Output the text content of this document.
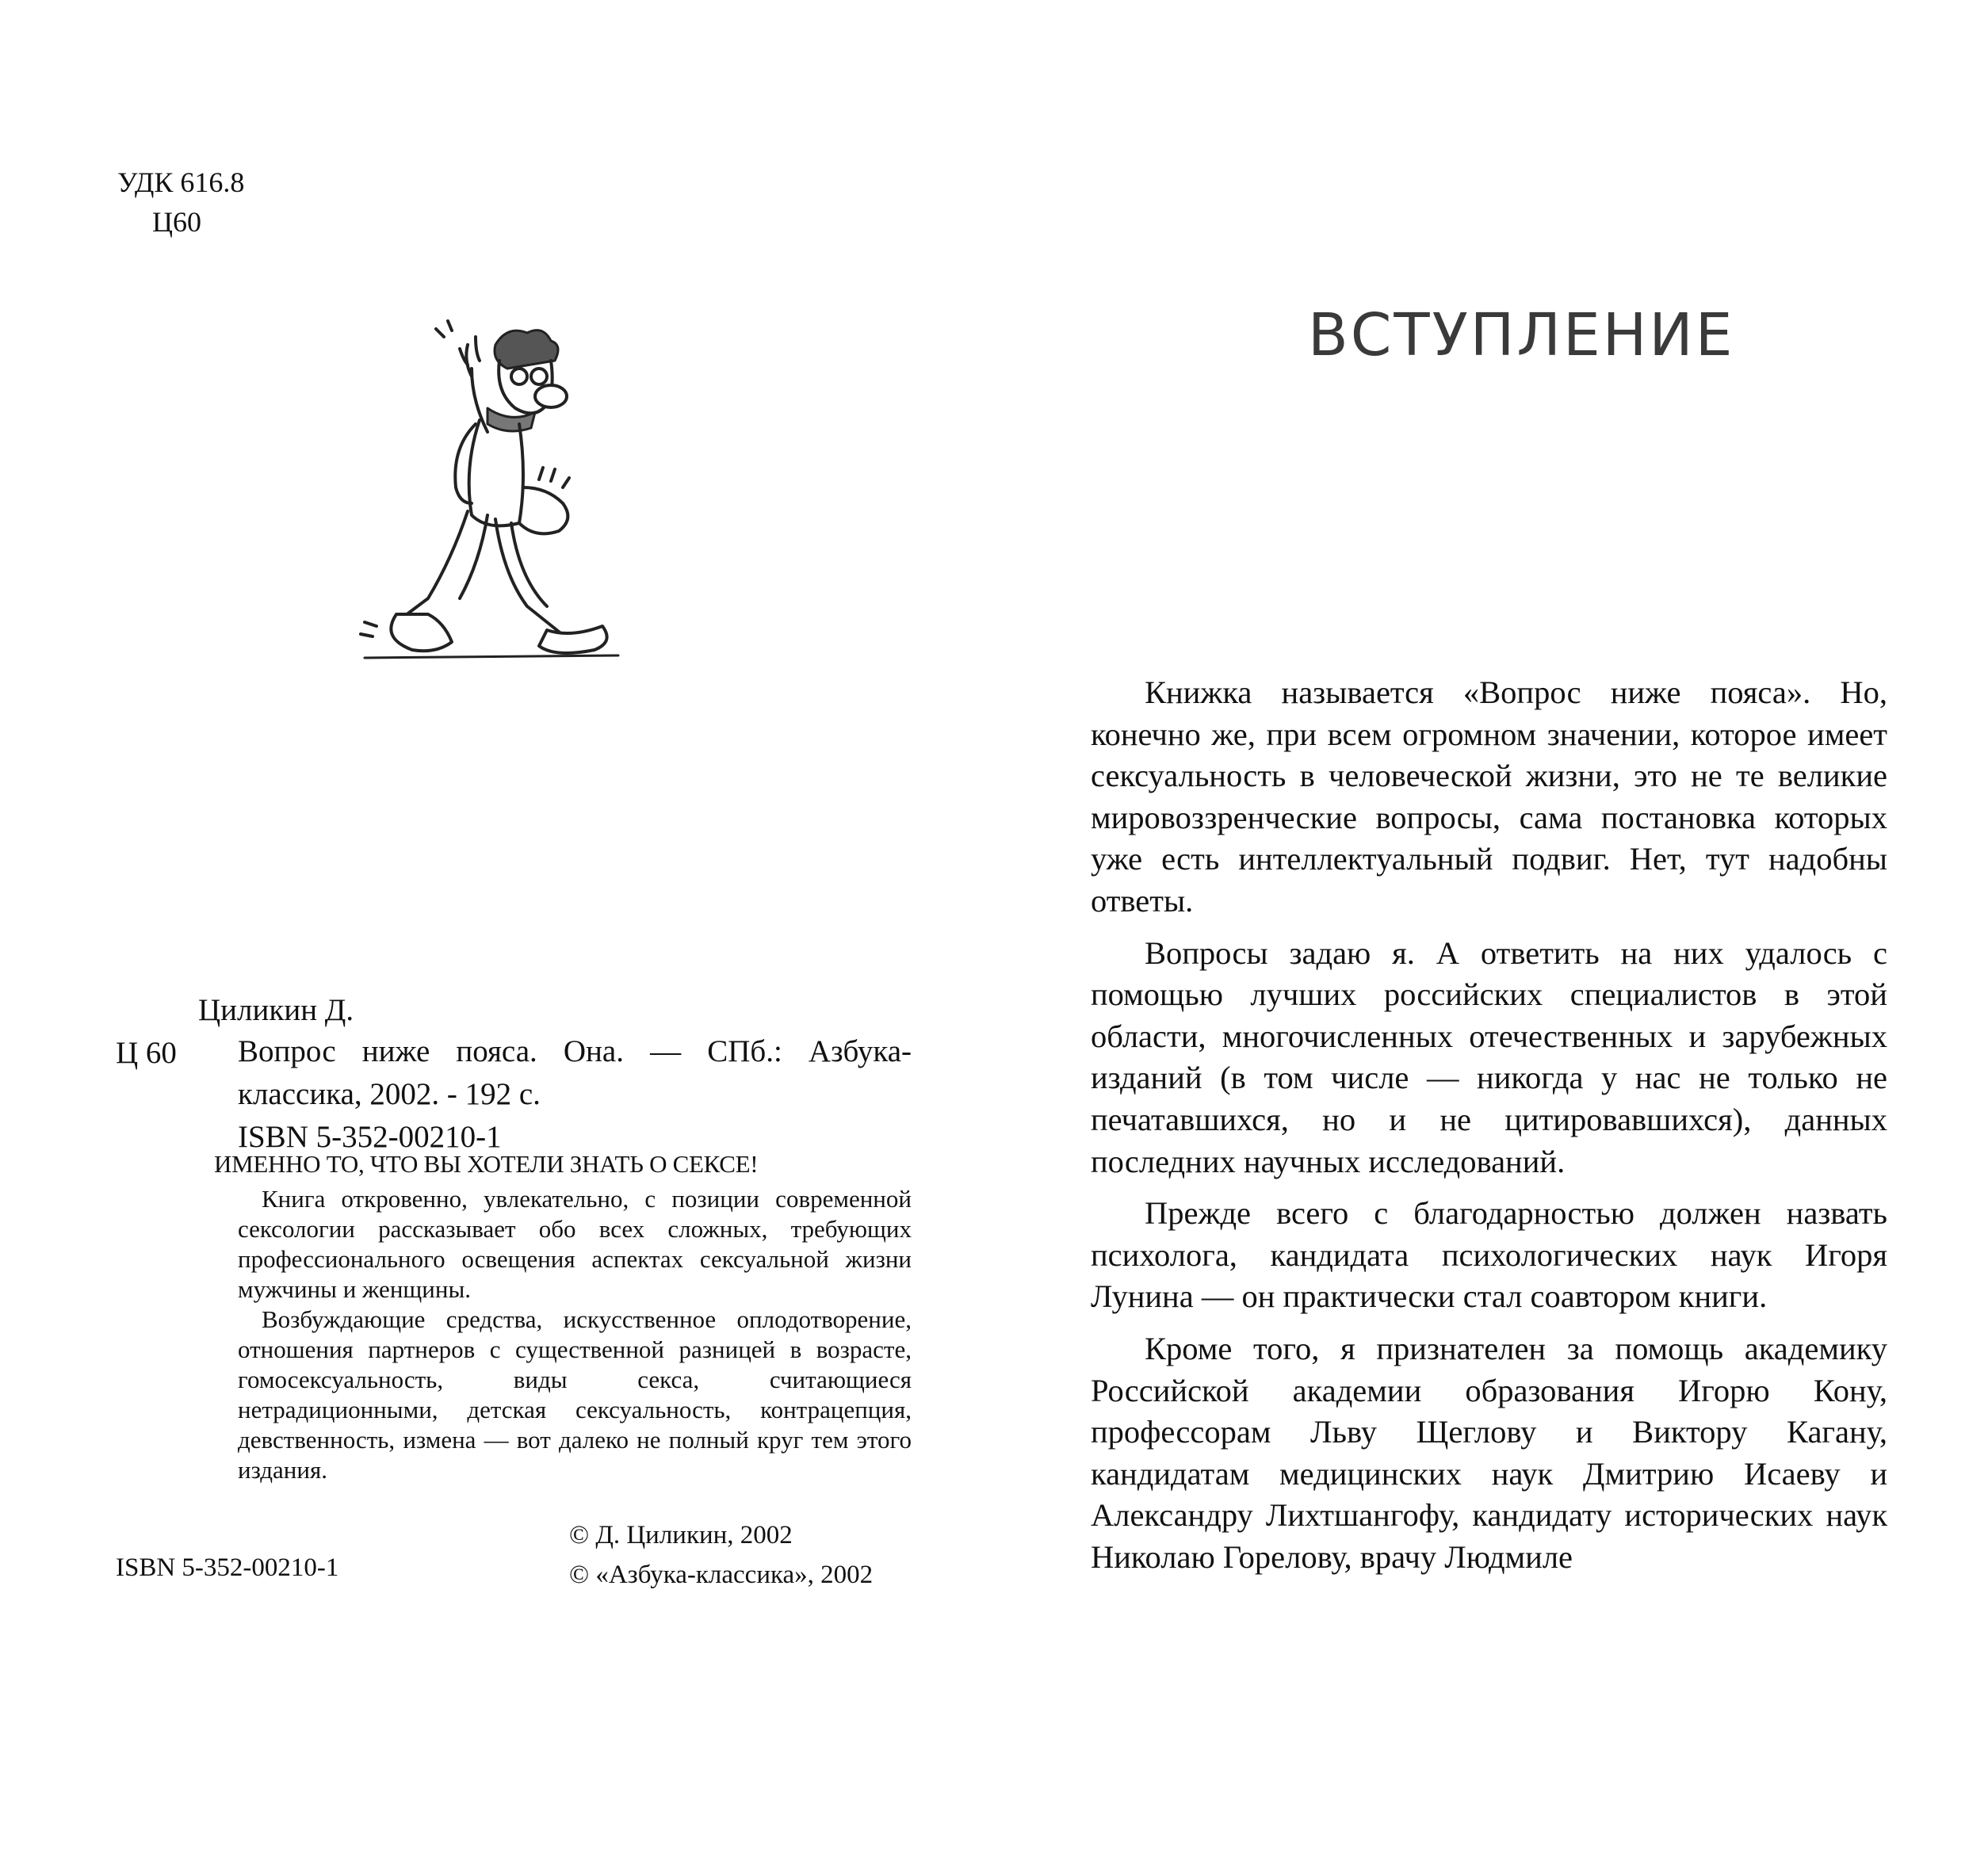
УДК 616.8
Ц60
Циликин Д.
Ц 60	Вопрос ниже пояса. Она. — СПб.: Азбука-классика, 2002. - 192 с.
ISBN 5-352-00210-1
ИМЕННО ТО, ЧТО ВЫ ХОТЕЛИ ЗНАТЬ О СЕКСЕ!

Книга откровенно, увлекательно, с позиции современной сексологии рассказывает обо всех сложных, требующих профессионального освещения аспектах сексуальной жизни мужчины и женщины.

Возбуждающие средства, искусственное оплодотворение, отношения партнеров с существенной разницей в возрасте, гомосексуальность, виды секса, считающиеся нетрадиционными, детская сексуальность, контрацепция, девственность, измена — вот далеко не полный круг тем этого издания.

ISBN 5-352-00210-1
© Д. Циликин, 2002
© «Азбука-классика», 2002
ВСТУПЛЕНИЕ

Книжка называется «Вопрос ниже пояса». Но, конечно же, при всем огромном значении, которое имеет сексуальность в человеческой жизни, это не те великие мировоззренческие вопросы, сама постановка которых уже есть интеллектуальный подвиг. Нет, тут надобны ответы.

Вопросы задаю я. А ответить на них удалось с помощью лучших российских специалистов в этой области, многочисленных отечественных и зарубежных изданий (в том числе — никогда у нас не только не печатавшихся, но и не цитировавшихся), данных последних научных исследований.

Прежде всего с благодарностью должен назвать психолога, кандидата психологических наук Игоря Лунина — он практически стал соавтором книги.

Кроме того, я признателен за помощь академику Российской академии образования Игорю Кону, профессорам Льву Щеглову и Виктору Кагану, кандидатам медицинских наук Дмитрию Исаеву и Александру Лихтшангофу, кандидату исторических наук Николаю Горелову, врачу Людмиле
